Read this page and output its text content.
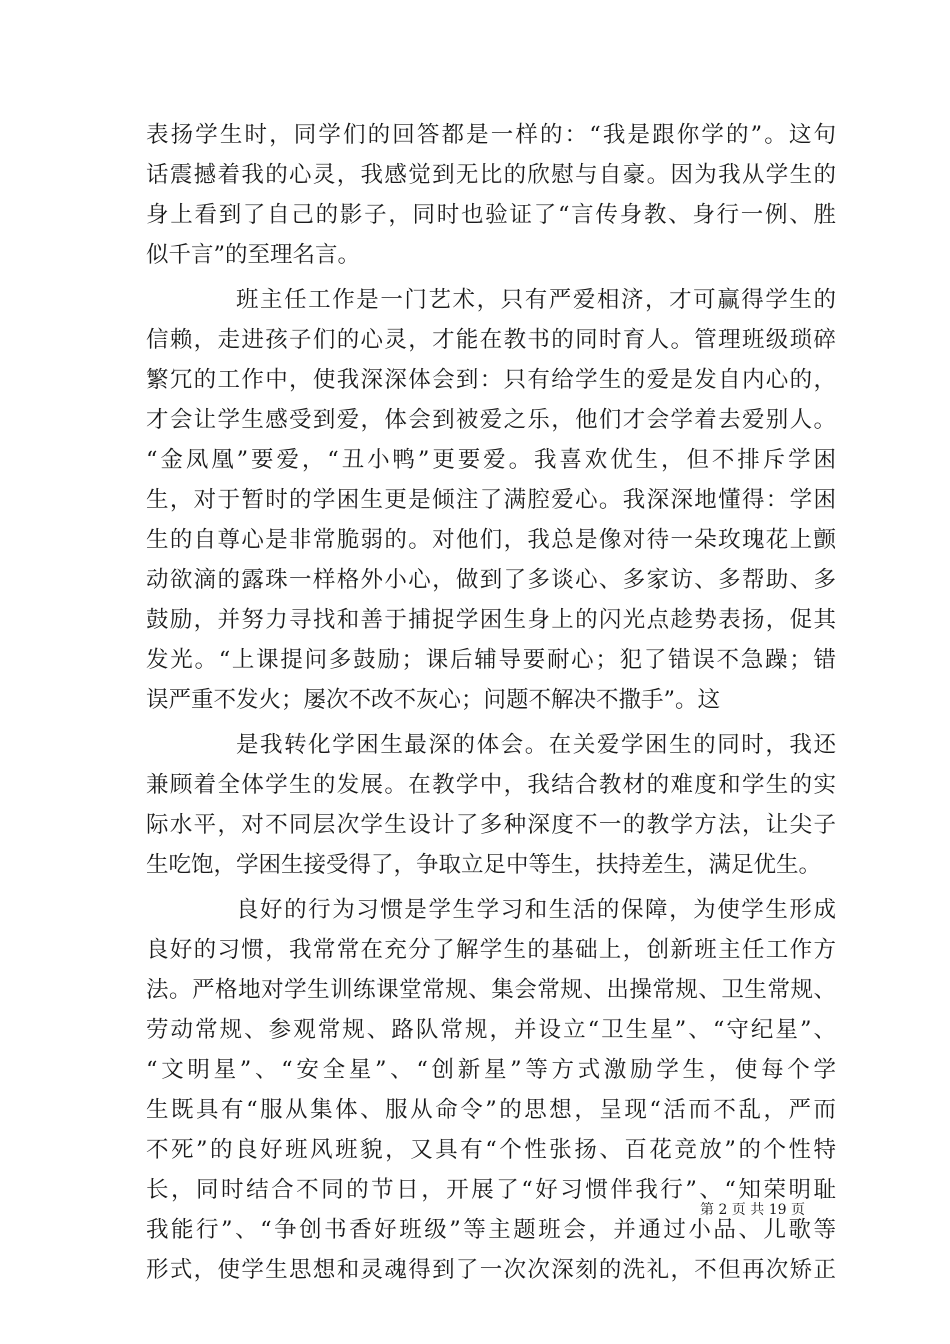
表扬学生时，同学们的回答都是一样的：“我是跟你学的”。这句
话震撼着我的心灵，我感觉到无比的欣慰与自豪。因为我从学生的
身上看到了自己的影子，同时也验证了“言传身教、身行一例、胜
似千言”的至理名言。
班主任工作是一门艺术，只有严爱相济，才可赢得学生的
信赖，走进孩子们的心灵，才能在教书的同时育人。管理班级琐碎
繁冗的工作中，使我深深体会到：只有给学生的爱是发自内心的，
才会让学生感受到爱，体会到被爱之乐，他们才会学着去爱别人。
“金凤凰”要爱，“丑小鸭”更要爱。我喜欢优生，但不排斥学困
生，对于暂时的学困生更是倾注了满腔爱心。我深深地懂得：学困
生的自尊心是非常脆弱的。对他们，我总是像对待一朵玫瑰花上颤
动欲滴的露珠一样格外小心，做到了多谈心、多家访、多帮助、多
鼓励，并努力寻找和善于捕捉学困生身上的闪光点趁势表扬，促其
发光。“上课提问多鼓励；课后辅导要耐心；犯了错误不急躁；错
误严重不发火；屡次不改不灰心；问题不解决不撒手”。这
是我转化学困生最深的体会。在关爱学困生的同时，我还
兼顾着全体学生的发展。在教学中，我结合教材的难度和学生的实
际水平，对不同层次学生设计了多种深度不一的教学方法，让尖子
生吃饱，学困生接受得了，争取立足中等生，扶持差生，满足优生。
良好的行为习惯是学生学习和生活的保障，为使学生形成
良好的习惯，我常常在充分了解学生的基础上，创新班主任工作方
法。严格地对学生训练课堂常规、集会常规、出操常规、卫生常规、
劳动常规、参观常规、路队常规，并设立“卫生星”、“守纪星”、
“文明星”、“安全星”、“创新星”等方式激励学生，使每个学
生既具有“服从集体、服从命令”的思想，呈现“活而不乱，严而
不死”的良好班风班貌，又具有“个性张扬、百花竞放”的个性特
长，同时结合不同的节日，开展了“好习惯伴我行”、“知荣明耻
我能行”、“争创书香好班级”等主题班会，并通过小品、儿歌等
形式，使学生思想和灵魂得到了一次次深刻的洗礼，不但再次矫正
第 2 页 共 19 页
